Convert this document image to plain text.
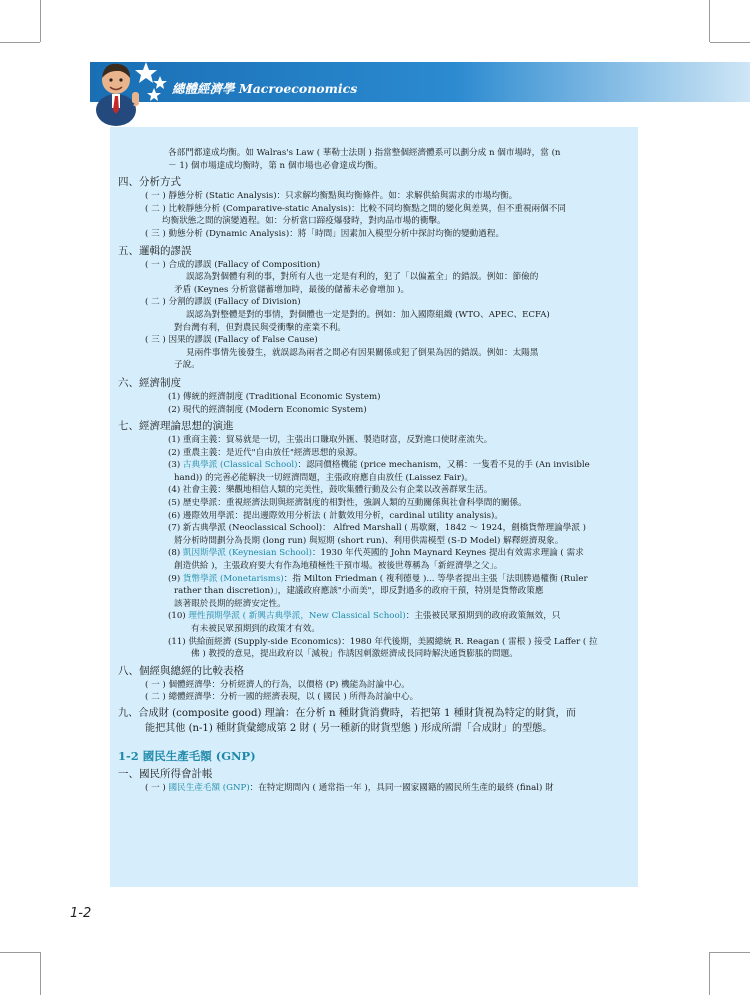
總體經濟學 Macroeconomics

各部門都達成均衡。如 Walras's Law ( 華勒士法則 ) 指當整個經濟體系可以劃分成 n 個市場時，當 (n

－ 1) 個市場達成均衡時，第 n 個市場也必會達成均衡。

四、分析方式

( 一 ) 靜態分析 (Static Analysis)：只求解均衡點與均衡條件。如：求解供給與需求的市場均衡。

( 二 ) 比較靜態分析 (Comparative-static Analysis)：比較不同均衡點之間的變化與差異，但不重視兩個不同

均衡狀態之間的演變過程。如：分析當口蹄疫爆發時，對肉品市場的衝擊。

( 三 ) 動態分析 (Dynamic Analysis)：將「時間」因素加入模型分析中探討均衡的變動過程。

五、邏輯的謬誤

( 一 ) 合成的謬誤 (Fallacy of Composition)

誤認為對個體有利的事，對所有人也一定是有利的，犯了「以偏蓋全」的錯誤。例如：節儉的

矛盾 (Keynes 分析當儲蓄增加時，最後的儲蓄未必會增加 )。

( 二 ) 分割的謬誤 (Fallacy of Division)

誤認為對整體是對的事情，對個體也一定是對的。例如：加入國際組織 (WTO、APEC、ECFA)

對台灣有利，但對農民與受衝擊的產業不利。

( 三 ) 因果的謬誤 (Fallacy of False Cause)

見兩件事情先後發生，就誤認為兩者之間必有因果關係或犯了倒果為因的錯誤。例如：太陽黑

子說。

六、經濟制度

(1) 傳統的經濟制度 (Traditional Economic System)

(2) 現代的經濟制度 (Modern Economic System)

七、經濟理論思想的演進

(1) 重商主義：貿易就是一切，主張出口賺取外匯、製造財富，反對進口使財產流失。

(2) 重農主義：是近代"自由放任"經濟思想的泉源。

(3) 古典學派 (Classical School)：認同價格機能 (price mechanism，又稱：一隻看不見的手 (An invisible

hand)) 的完善必能解決一切經濟問題，主張政府應自由放任 (Laissez Fair)。

(4) 社會主義：樂觀地相信人類的完美性，鼓吹集體行動及公有企業以改善群眾生活。

(5) 歷史學派：重視經濟法則與經濟制度的相對性，強調人類的互動關係與社會科學間的關係。

(6) 邊際效用學派：提出邊際效用分析法 ( 計數效用分析，cardinal utility analysis)。

(7) 新古典學派 (Neoclassical School)： Alfred Marshall ( 馬歇爾，1842 ～ 1924，劍橋貨幣理論學派 )

將分析時間劃分為長期 (long run) 與短期 (short run)、利用供需模型 (S-D Model) 解釋經濟現象。

(8) 凱因斯學派 (Keynesian School)：1930 年代英國的 John Maynard Keynes 提出有效需求理論 ( 需求

創造供給 )，主張政府要大有作為地積極性干預市場。被後世尊稱為「新經濟學之父」。

(9) 貨幣學派 (Monetarisms)：指 Milton Friedman ( 複利德曼 )... 等學者提出主張「法則勝過權衡 (Ruler

rather than discretion)」，建議政府應該"小而美"，即反對過多的政府干預，特別是貨幣政策應

該著眼於長期的經濟安定性。

(10) 理性預期學派 ( 新興古典學派，New Classical School)：主張被民眾預期到的政府政策無效，只

有未被民眾預期到的政策才有效。

(11) 供給面經濟 (Supply-side Economics)：1980 年代後期，美國總統 R. Reagan ( 雷根 ) 接受 Laffer ( 拉

佛 ) 教授的意見，提出政府以「減稅」作誘因刺激經濟成長同時解決通貨膨脹的問題。

八、個經與總經的比較表格

( 一 ) 個體經濟學：分析經濟人的行為，以價格 (P) 機能為討論中心。

( 二 ) 總體經濟學：分析一國的經濟表現，以 ( 國民 ) 所得為討論中心。

九、合成財 (composite good) 理論：在分析 n 種財貨消費時，若把第 1 種財貨視為特定的財貨，而

能把其他 (n-1) 種財貨彙總成第 2 財 ( 另一種新的財貨型態 ) 形成所謂「合成財」的型態。

1-2 國民生產毛額 (GNP)

一、國民所得會計帳

( 一 ) 國民生產毛額 (GNP)：在特定期間內 ( 通常指一年 )，具同一國家國籍的國民所生產的最終 (final) 財

1-2
